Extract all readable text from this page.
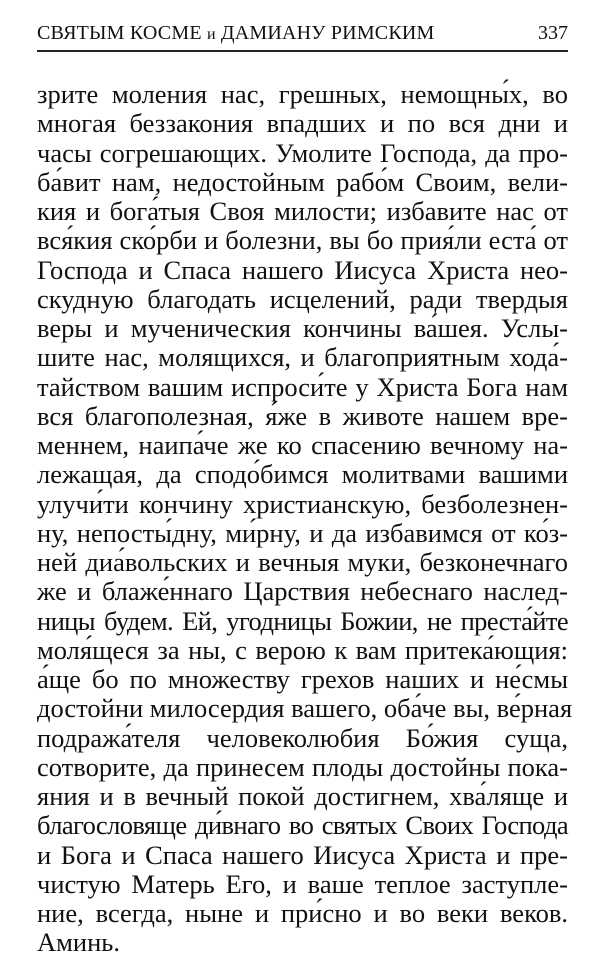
СВЯТЫМ КОСМЕ и ДАМИАНУ РИМСКИМ	337
зрите моления нас, грешных, немощны́х, во
многая беззакония впадших и по вся дни и
часы согрешающих. Умолите Господа, да про-
ба́вит нам, недостойным рабо́м Своим, вели-
кия и бога́тыя Своя милости; избавите нас от
вся́кия ско́рби и болезни, вы бо прия́ли еста́ от
Господа и Спаса нашего Иисуса Христа нео-
скудную благодать исцелений, ради твердыя
веры и мученическия кончины ва́шея. Услы-
шите нас, молящихся, и благоприятным хода́-
тайством вашим испроси́те у Христа Бога нам
вся благополезная, я́же в животе нашем вре-
меннем, наипа́че же ко спасению вечному на-
лежащая, да сподо́бимся молитвами вашими
улучи́ти кончину христианскую, безболезнен-
ну, непосты́дну, ми́рну, и да избавимся от ко́з-
ней диа́вольских и вечныя муки, безконечнаго
же и блаже́ннаго Царствия небеснаго наслед-
ницы будем. Ей, угодницы Божии, не преста́йте
моля́щеся за ны, с верою к вам притека́ющия:
а́ще бо по множеству грехов наших и не́смы
достойни милосердия вашего, оба́че вы, ве́рная
подража́теля человеколюбия Бо́жия суща,
сотворите, да принесем плоды достойны пока-
яния и в вечный покой достигнем, хва́ляще и
благословяще ди́внаго во святых Своих Господа
и Бога и Спаса нашего Иисуса Христа и пре-
чистую Матерь Его, и ваше теплое заступле-
ние, всегда, ныне и при́сно и во веки веков.
Аминь.
